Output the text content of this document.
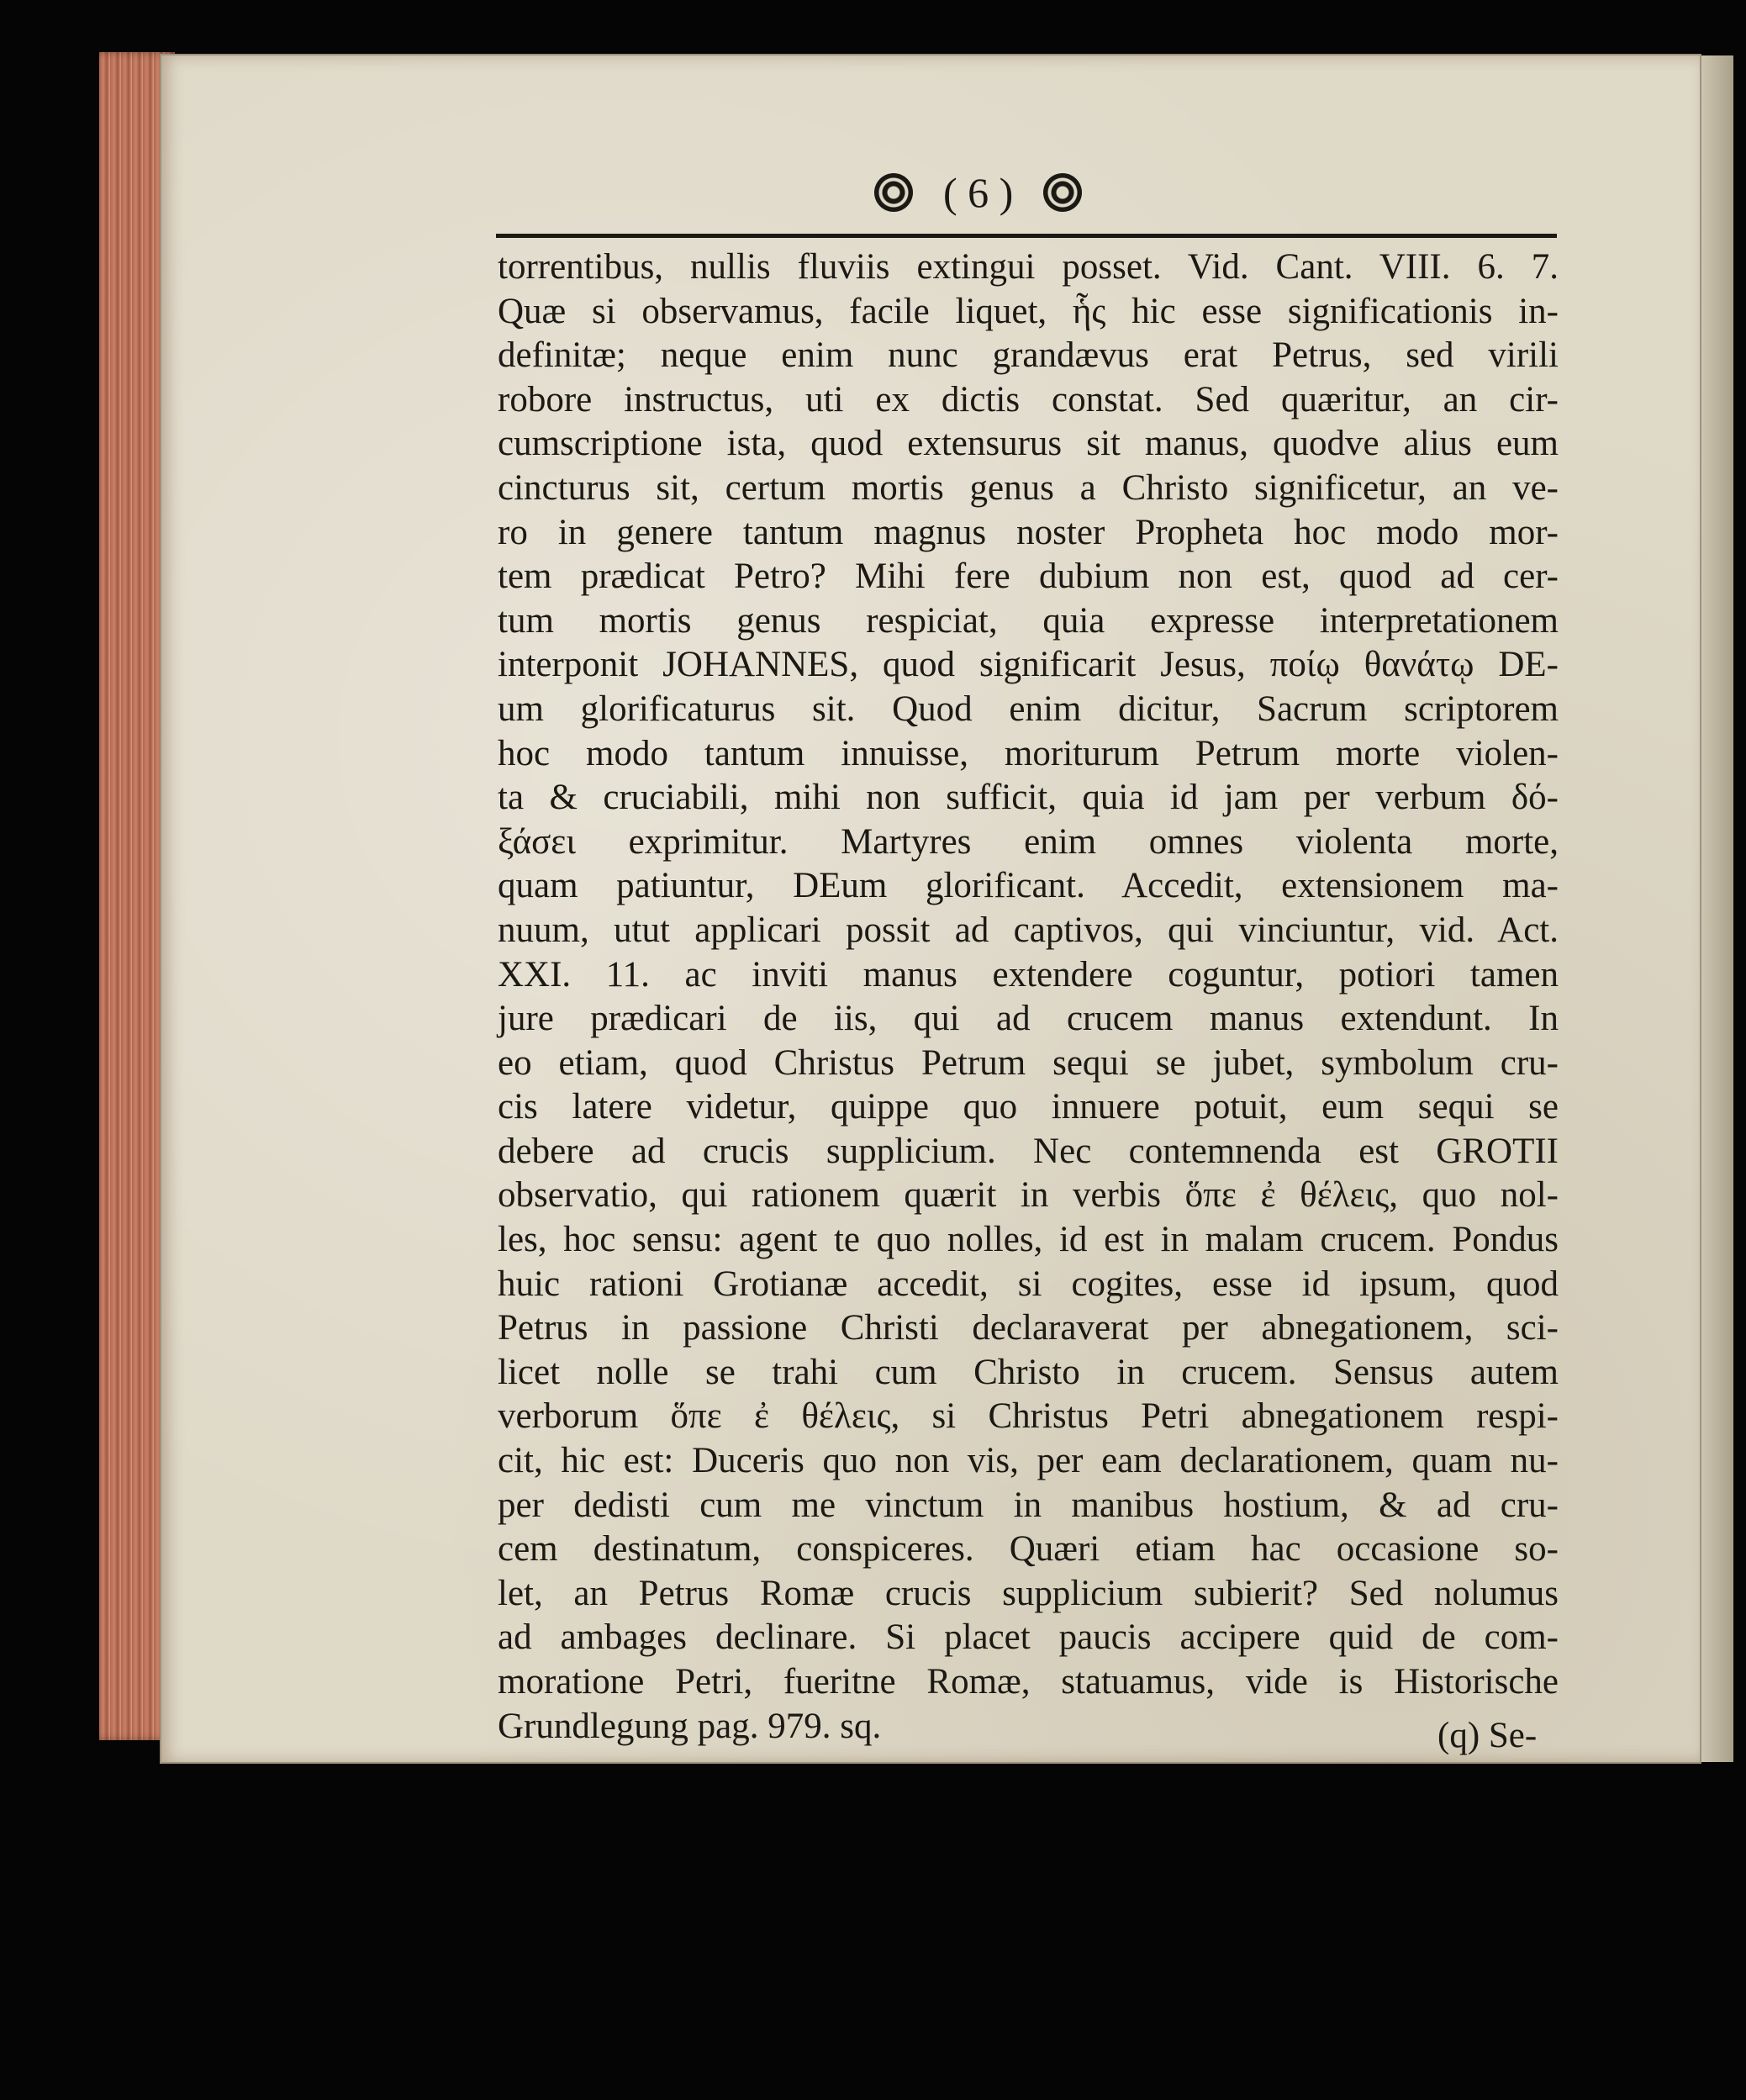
( 6 )
torrentibus, nullis fluviis extingui posset. Vid. Cant. VIII. 6. 7.
Quæ si observamus, facile liquet, ἧς hic esse significationis in-
definitæ; neque enim nunc grandævus erat Petrus, sed virili
robore instructus, uti ex dictis constat. Sed quæritur, an cir-
cumscriptione ista, quod extensurus sit manus, quodve alius eum
cincturus sit, certum mortis genus a Christo significetur, an ve-
ro in genere tantum magnus noster Propheta hoc modo mor-
tem prædicat Petro? Mihi fere dubium non est, quod ad cer-
tum mortis genus respiciat, quia expresse interpretationem
interponit JOHANNES, quod significarit Jesus, ποίῳ θανάτῳ DE-
um glorificaturus sit. Quod enim dicitur, Sacrum scriptorem
hoc modo tantum innuisse, moriturum Petrum morte violen-
ta & cruciabili, mihi non sufficit, quia id jam per verbum δό-
ξάσει exprimitur. Martyres enim omnes violenta morte,
quam patiuntur, DEum glorificant. Accedit, extensionem ma-
nuum, utut applicari possit ad captivos, qui vinciuntur, vid. Act.
XXI. 11. ac inviti manus extendere coguntur, potiori tamen
jure prædicari de iis, qui ad crucem manus extendunt. In
eo etiam, quod Christus Petrum sequi se jubet, symbolum cru-
cis latere videtur, quippe quo innuere potuit, eum sequi se
debere ad crucis supplicium. Nec contemnenda est GROTII
observatio, qui rationem quærit in verbis ὅπε ἐ θέλεις, quo nol-
les, hoc sensu: agent te quo nolles, id est in malam crucem. Pondus
huic rationi Grotianæ accedit, si cogites, esse id ipsum, quod
Petrus in passione Christi declaraverat per abnegationem, sci-
licet nolle se trahi cum Christo in crucem. Sensus autem
verborum ὅπε ἐ θέλεις, si Christus Petri abnegationem respi-
cit, hic est: Duceris quo non vis, per eam declarationem, quam nu-
per dedisti cum me vinctum in manibus hostium, & ad cru-
cem destinatum, conspiceres. Quæri etiam hac occasione so-
let, an Petrus Romæ crucis supplicium subierit? Sed nolumus
ad ambages declinare. Si placet paucis accipere quid de com-
moratione Petri, fueritne Romæ, statuamus, vide is Historische
Grundlegung pag. 979. sq.	(q) Se-
